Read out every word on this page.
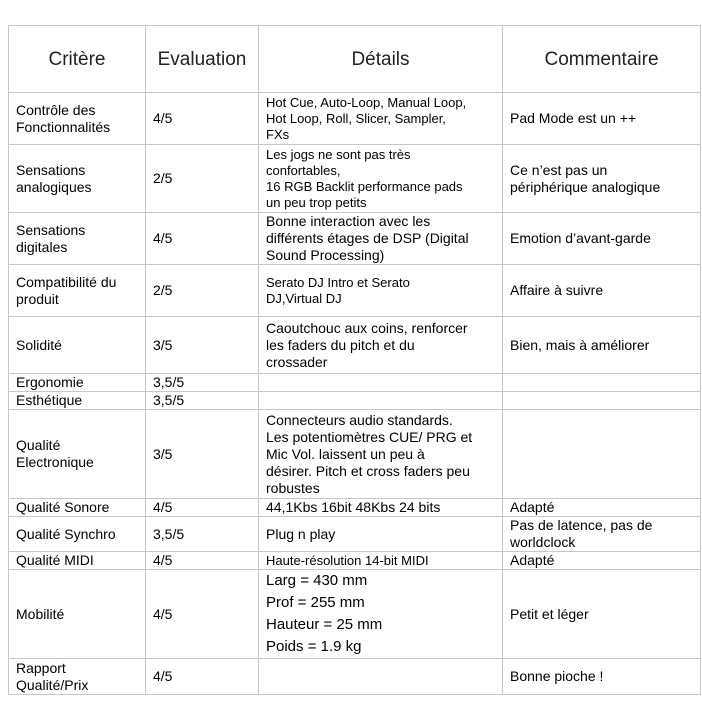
Critère	Evaluation	Détails	Commentaire

Contrôle des
Fonctionnalités	4/5	Hot Cue, Auto-Loop, Manual Loop,
Hot Loop, Roll, Slicer, Sampler,
FXs	Pad Mode est un ++

Sensations
analogiques	2/5	Les jogs ne sont pas très
confortables,
16 RGB Backlit performance pads
un peu trop petits	Ce n’est pas un
périphérique analogique

Sensations
digitales	4/5	Bonne interaction avec les
différents étages de DSP (Digital
Sound Processing)	Emotion d’avant-garde

Compatibilité du
produit	2/5	Serato DJ Intro et Serato
DJ,Virtual DJ	Affaire à suivre

Solidité	3/5	Caoutchouc aux coins, renforcer
les faders du pitch et du
crossader	Bien, mais à améliorer

Ergonomie	3,5/5		

Esthétique	3,5/5		

Qualité
Electronique	3/5	Connecteurs audio standards.
Les potentiomètres CUE/ PRG et
Mic Vol. laissent un peu à
désirer. Pitch et cross faders peu
robustes	

Qualité Sonore	4/5	44,1Kbs 16bit 48Kbs 24 bits	Adapté

Qualité Synchro	3,5/5	Plug n play	Pas de latence, pas de
worldclock

Qualité MIDI	4/5	Haute-résolution 14-bit MIDI	Adapté

Mobilité	4/5	Larg = 430 mm
Prof = 255 mm
Hauteur = 25 mm
Poids = 1.9 kg	Petit et léger

Rapport
Qualité/Prix	4/5		Bonne pioche !
